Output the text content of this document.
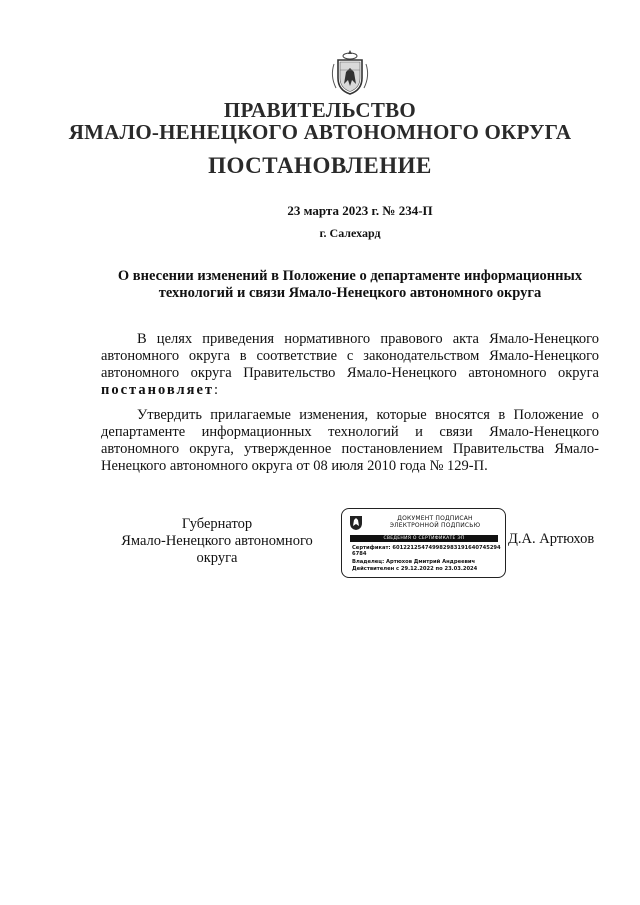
ПРАВИТЕЛЬСТВО
ЯМАЛО-НЕНЕЦКОГО АВТОНОМНОГО ОКРУГА
ПОСТАНОВЛЕНИЕ
23 марта 2023 г. № 234-П
г. Салехард
О внесении изменений в Положение о департаменте информационных
технологий и связи Ямало-Ненецкого автономного округа
В целях приведения нормативного правового акта Ямало-Ненецкого автономного округа в соответствие с законодательством Ямало-Ненецкого автономного округа Правительство Ямало-Ненецкого автономного округа постановляет:
Утвердить прилагаемые изменения, которые вносятся в Положение о департаменте информационных технологий и связи Ямало-Ненецкого автономного округа, утвержденное постановлением Правительства Ямало-Ненецкого автономного округа от 08 июля 2010 года № 129-П.
Губернатор
Ямало-Ненецкого автономного округа
ДОКУМЕНТ ПОДПИСАН
ЭЛЕКТРОННОЙ ПОДПИСЬЮ
СВЕДЕНИЯ О СЕРТИФИКАТЕ ЭП
Сертификат: 601221254749982983191640745294
6784
Владелец: Артюхов Дмитрий Андреевич
Действителен с 29.12.2022 по 23.03.2024
Д.А. Артюхов
